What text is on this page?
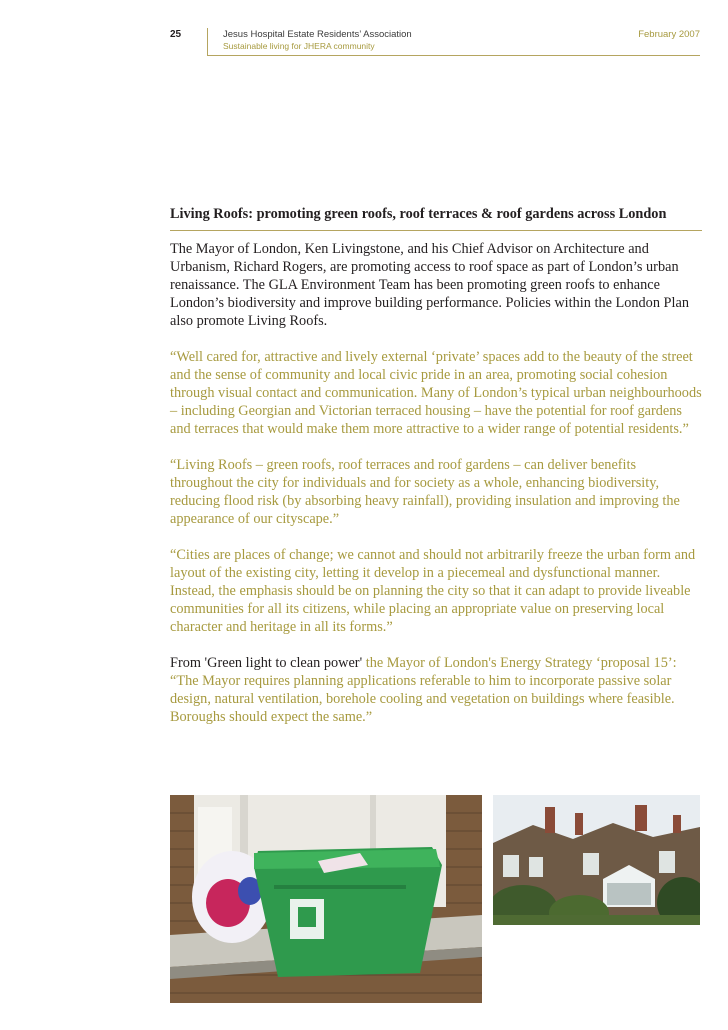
25	Jesus Hospital Estate Residents’ Association
Sustainable living for JHERA community
February 2007
Living Roofs: promoting green roofs, roof terraces & roof gardens across London

The Mayor of London, Ken Livingstone, and his Chief Advisor on Architecture and Urbanism, Richard Rogers, are promoting access to roof space as part of London’s urban renaissance. The GLA Environment Team has been promoting green roofs to enhance London’s biodiversity and improve building performance. Policies within the London Plan also promote Living Roofs.

“Well cared for, attractive and lively external ‘private’ spaces add to the beauty of the street and the sense of community and local civic pride in an area, promoting social cohesion through visual contact and communication. Many of London’s typical urban neighbourhoods – including Georgian and Victorian terraced housing – have the potential for roof gardens and terraces that would make them more attractive to a wider range of potential residents.”

“Living Roofs – green roofs, roof terraces and roof gardens – can deliver benefits throughout the city for individuals and for society as a whole, enhancing biodiversity, reducing flood risk (by absorbing heavy rainfall), providing insulation and improving the appearance of our cityscape.”

“Cities are places of change; we cannot and should not arbitrarily freeze the urban form and layout of the existing city, letting it develop in a piecemeal and dysfunctional manner. Instead, the emphasis should be on planning the city so that it can adapt to provide liveable communities for all its citizens, while placing an appropriate value on preserving local character and heritage in all its forms.”

From 'Green light to clean power' the Mayor of London's Energy Strategy ‘proposal 15’: “The Mayor requires planning applications referable to him to incorporate passive solar design, natural ventilation, borehole cooling and vegetation on buildings where feasible. Boroughs should expect the same.”
